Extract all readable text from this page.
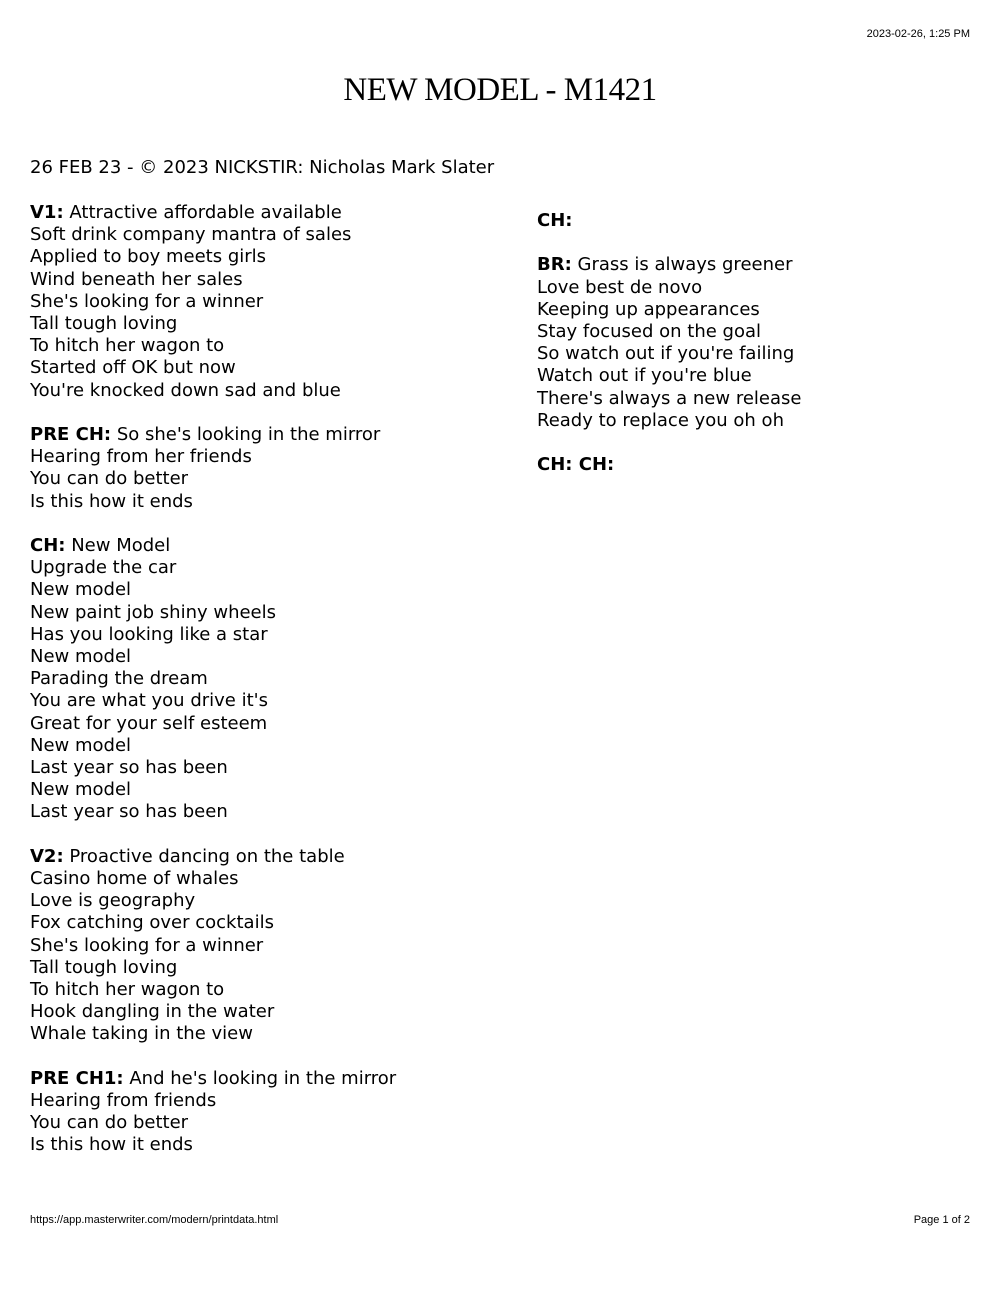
2023-02-26, 1:25 PM
NEW MODEL - M1421
26 FEB 23 - © 2023 NICKSTIR: Nicholas Mark Slater
V1: Attractive affordable available
Soft drink company mantra of sales
Applied to boy meets girls
Wind beneath her sales
She's looking for a winner
Tall tough loving
To hitch her wagon to
Started off OK but now
You're knocked down sad and blue
PRE CH: So she's looking in the mirror
Hearing from her friends
You can do better
Is this how it ends
CH: New Model
Upgrade the car
New model
New paint job shiny wheels
Has you looking like a star
New model
Parading the dream
You are what you drive it's
Great for your self esteem
New model
Last year so has been
New model
Last year so has been
V2: Proactive dancing on the table
Casino home of whales
Love is geography
Fox catching over cocktails
She's looking for a winner
Tall tough loving
To hitch her wagon to
Hook dangling in the water
Whale taking in the view
PRE CH1: And he's looking in the mirror
Hearing from friends
You can do better
Is this how it ends
CH:
BR: Grass is always greener
Love best de novo
Keeping up appearances
Stay focused on the goal
So watch out if you're failing
Watch out if you're blue
There's always a new release
Ready to replace you oh oh
CH: CH:
https://app.masterwriter.com/modern/printdata.html	Page 1 of 2
